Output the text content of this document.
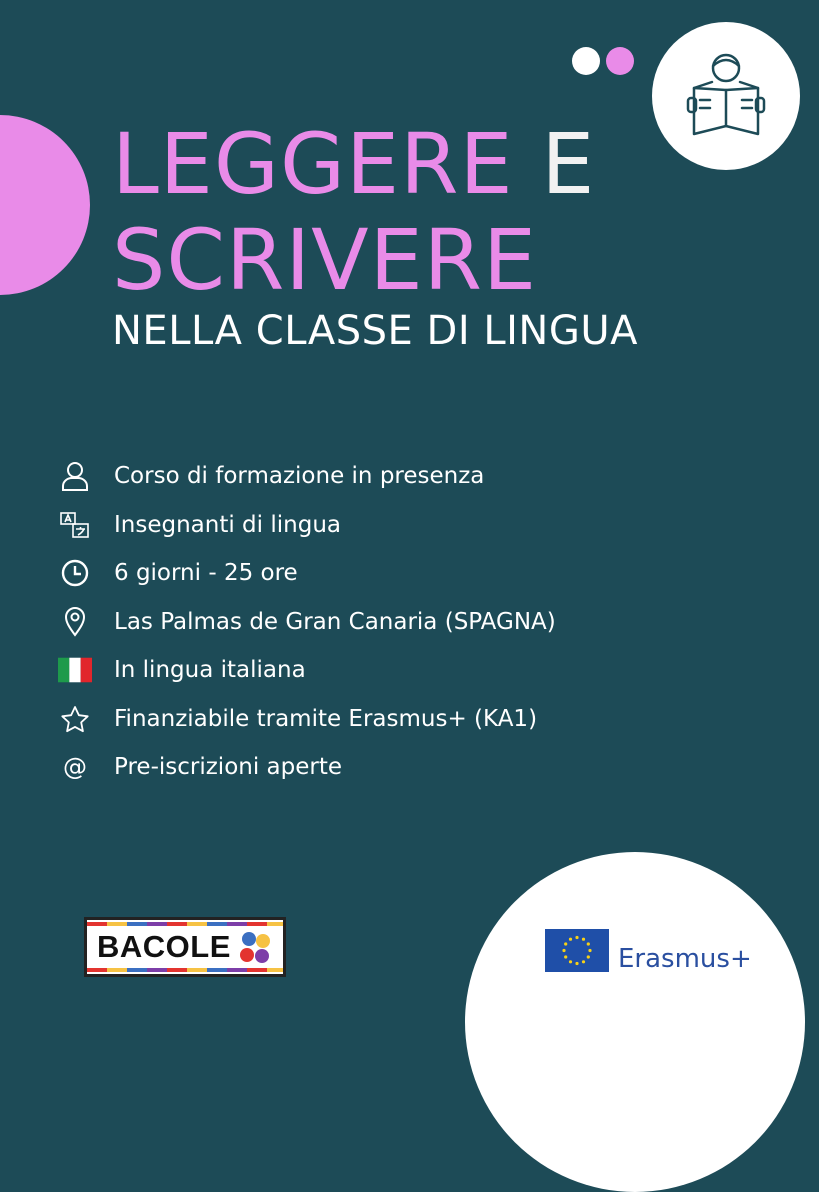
LEGGERE E
SCRIVERE
NELLA CLASSE DI LINGUA
Corso di formazione in presenza
Insegnanti di lingua
6 giorni - 25 ore
Las Palmas de Gran Canaria (SPAGNA)
In lingua italiana
Finanziabile tramite Erasmus+ (KA1)
@ Pre-iscrizioni aperte
BACOLE	Erasmus+
